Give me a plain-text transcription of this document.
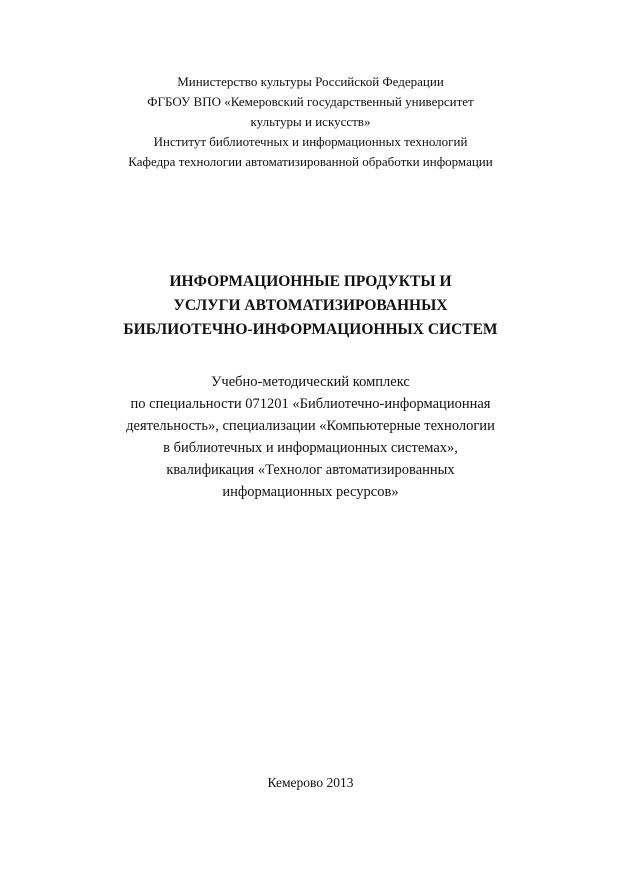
Министерство культуры Российской Федерации
ФГБОУ ВПО «Кемеровский государственный университет
культуры и искусств»
Институт библиотечных и информационных технологий
Кафедра технологии автоматизированной обработки информации
ИНФОРМАЦИОННЫЕ ПРОДУКТЫ И
УСЛУГИ АВТОМАТИЗИРОВАННЫХ
БИБЛИОТЕЧНО-ИНФОРМАЦИОННЫХ СИСТЕМ
Учебно-методический комплекс
по специальности 071201 «Библиотечно-информационная
деятельность», специализации «Компьютерные технологии
в библиотечных и информационных системах»,
квалификация «Технолог автоматизированных
информационных ресурсов»
Кемерово 2013
